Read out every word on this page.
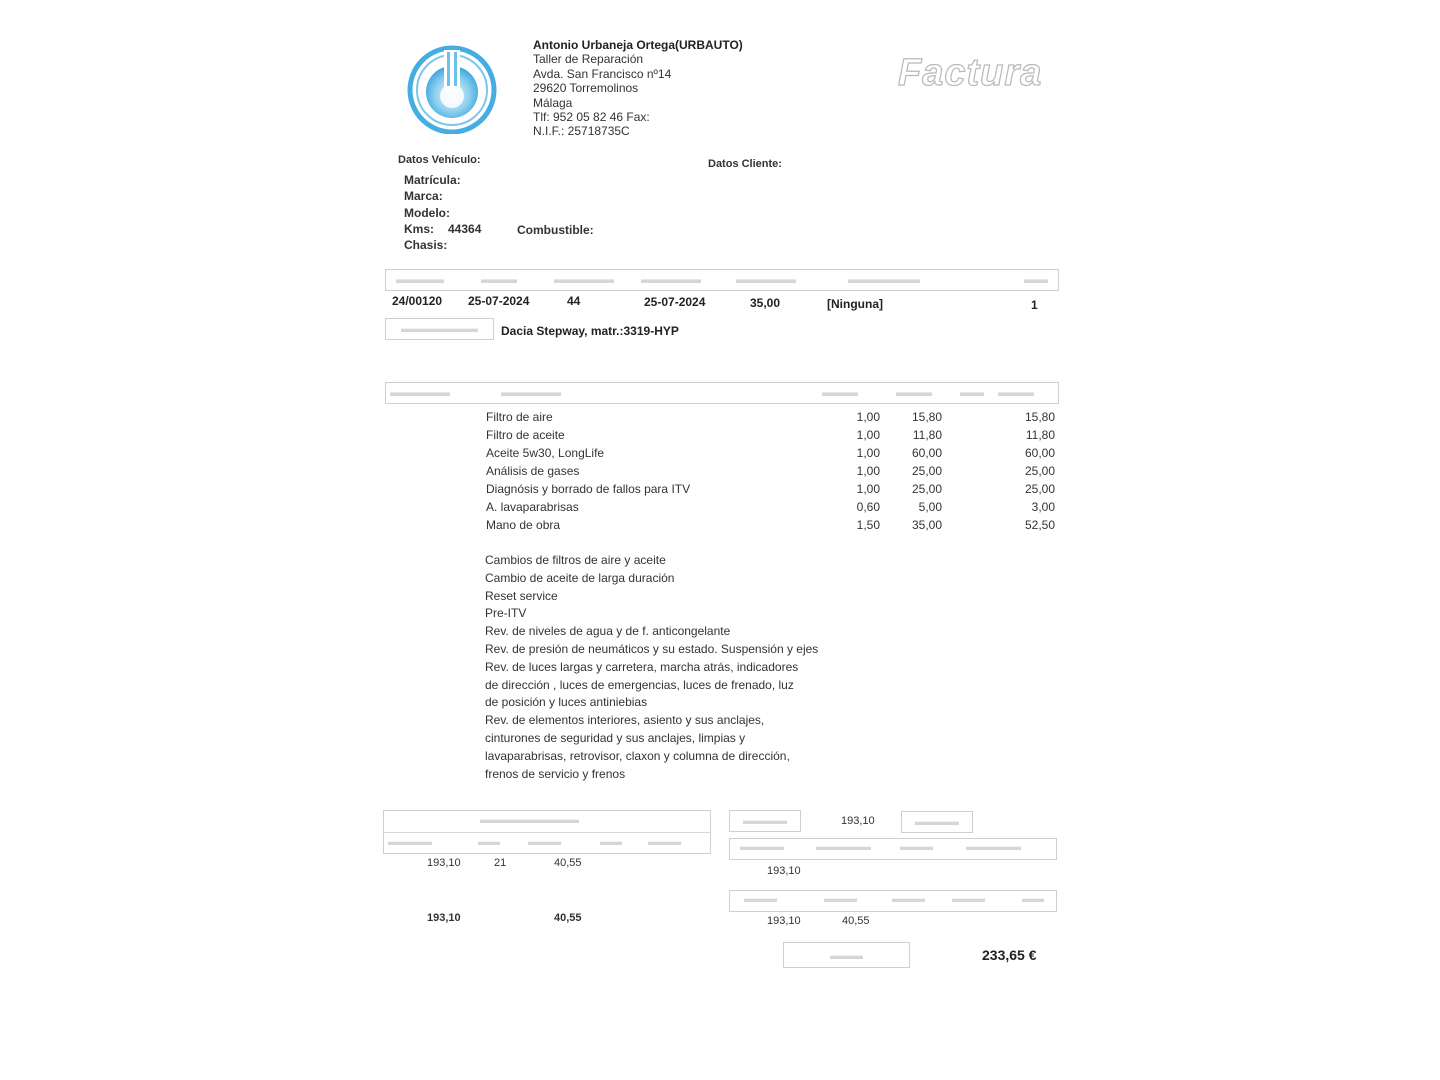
Antonio Urbaneja Ortega(URBAUTO)
Taller de Reparación
Avda. San Francisco nº14
29620 Torremolinos
Málaga
Tlf: 952 05 82 46 Fax:
N.I.F.: 25718735C
Factura
Datos Vehículo:	Datos Cliente:
Matrícula:
Marca:
Modelo:
Kms: 44364	Combustible:
Chasis:
▬▬▬▬	▬▬▬	▬▬▬▬▬ ▬▬▬▬▬	▬▬▬▬▬	▬▬▬▬▬▬	▬▬
24/00120 25-07-2024	44	25-07-2024	35,00	[Ninguna]	1
▬▬▬▬▬▬▬	Dacia Stepway, matr.:3319-HYP
▬▬▬▬▬	▬▬▬▬▬	▬▬▬	▬▬▬ ▬▬ ▬▬▬
Filtro de aire	1,00	15,80	15,80
Filtro de aceite	1,00	11,80	11,80
Aceite 5w30, LongLife	1,00	60,00	60,00
Análisis de gases	1,00	25,00	25,00
Diagnósis y borrado de fallos para ITV	1,00	25,00	25,00
A. lavaparabrisas	0,60	5,00	3,00
Mano de obra	1,50	35,00	52,50
Cambios de filtros de aire y aceite
Cambio de aceite de larga duración
Reset service
Pre-ITV
Rev. de niveles de agua y de f. anticongelante
Rev. de presión de neumáticos y su estado. Suspensión y ejes
Rev. de luces largas y carretera, marcha atrás, indicadores
de dirección , luces de emergencias, luces de frenado, luz
de posición y luces antiniebias
Rev. de elementos interiores, asiento y sus anclajes,
cinturones de seguridad y sus anclajes, limpias y
lavaparabrisas, retrovisor, claxon y columna de dirección,
frenos de servicio y frenos
▬▬▬▬▬▬▬▬▬
▬▬▬▬	▬▬	▬▬▬	▬▬ ▬▬▬
193,10	21	40,55
193,10	40,55
▬▬▬▬	193,10	▬▬▬▬
▬▬▬▬	▬▬▬▬▬	▬▬▬	▬▬▬▬▬
193,10
▬▬▬	▬▬▬	▬▬▬ ▬▬▬	▬▬
193,10	40,55
▬▬▬	233,65 €
